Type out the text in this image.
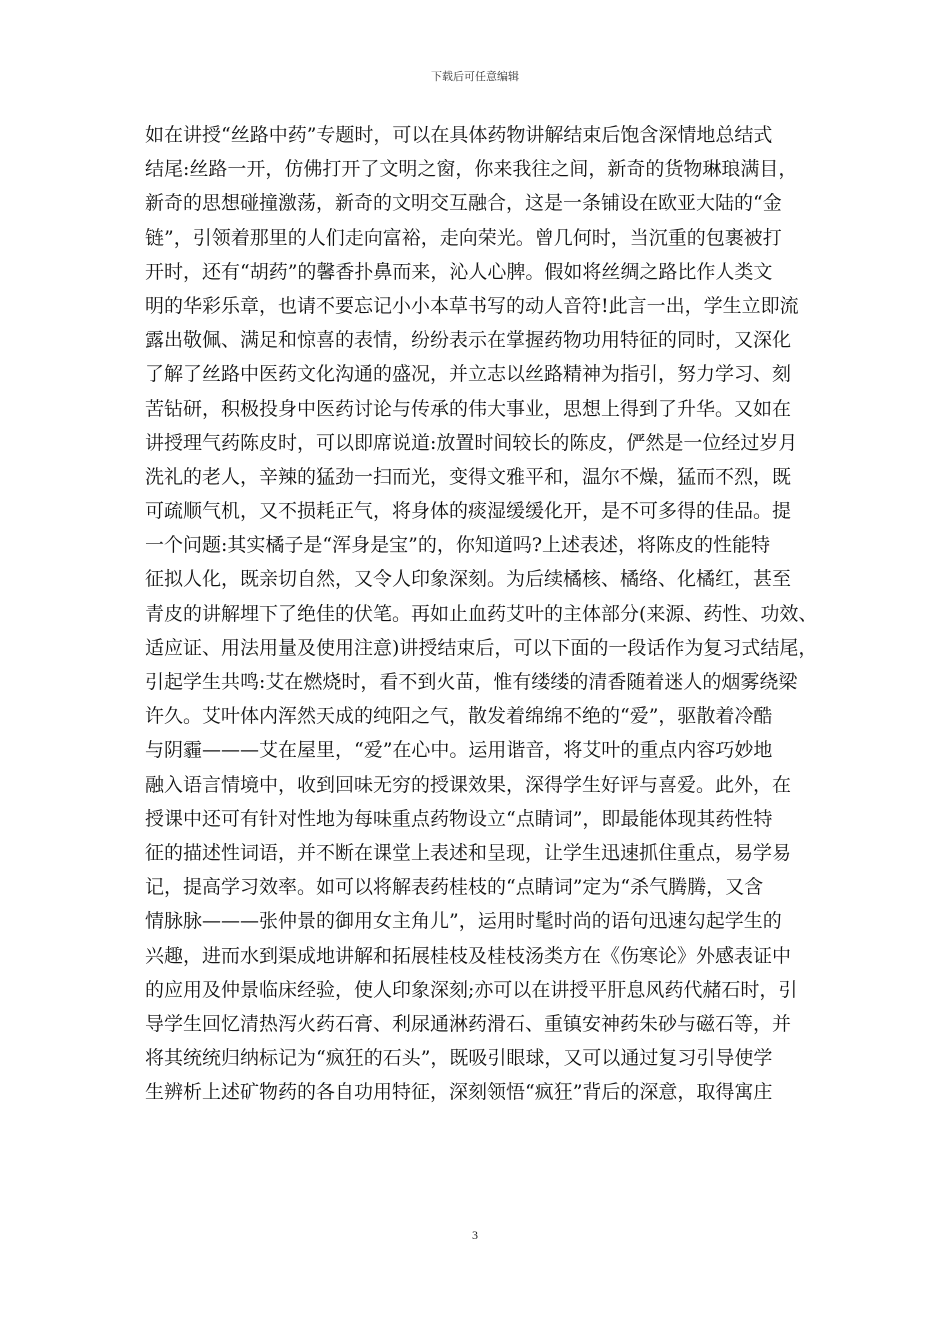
下载后可任意编辑
如在讲授“丝路中药”专题时，可以在具体药物讲解结束后饱含深情地总结式
结尾:丝路一开，仿佛打开了文明之窗，你来我往之间，新奇的货物琳琅满目，
新奇的思想碰撞激荡，新奇的文明交互融合，这是一条铺设在欧亚大陆的“金
链”，引领着那里的人们走向富裕，走向荣光。曾几何时，当沉重的包裹被打
开时，还有“胡药”的馨香扑鼻而来，沁人心脾。假如将丝绸之路比作人类文
明的华彩乐章，也请不要忘记小小本草书写的动人音符!此言一出，学生立即流
露出敬佩、满足和惊喜的表情，纷纷表示在掌握药物功用特征的同时，又深化
了解了丝路中医药文化沟通的盛况，并立志以丝路精神为指引，努力学习、刻
苦钻研，积极投身中医药讨论与传承的伟大事业，思想上得到了升华。又如在
讲授理气药陈皮时，可以即席说道:放置时间较长的陈皮，俨然是一位经过岁月
洗礼的老人，辛辣的猛劲一扫而光，变得文雅平和，温尔不燥，猛而不烈，既
可疏顺气机，又不损耗正气，将身体的痰湿缓缓化开，是不可多得的佳品。提
一个问题:其实橘子是“浑身是宝”的，你知道吗?上述表述，将陈皮的性能特
征拟人化，既亲切自然，又令人印象深刻。为后续橘核、橘络、化橘红，甚至
青皮的讲解埋下了绝佳的伏笔。再如止血药艾叶的主体部分(来源、药性、功效、
适应证、用法用量及使用注意)讲授结束后，可以下面的一段话作为复习式结尾，
引起学生共鸣:艾在燃烧时，看不到火苗，惟有缕缕的清香随着迷人的烟雾绕梁
许久。艾叶体内浑然天成的纯阳之气，散发着绵绵不绝的“爱”，驱散着冷酷
与阴霾———艾在屋里，“爱”在心中。运用谐音，将艾叶的重点内容巧妙地
融入语言情境中，收到回味无穷的授课效果，深得学生好评与喜爱。此外，在
授课中还可有针对性地为每味重点药物设立“点睛词”，即最能体现其药性特
征的描述性词语，并不断在课堂上表述和呈现，让学生迅速抓住重点，易学易
记，提高学习效率。如可以将解表药桂枝的“点睛词”定为“杀气腾腾，又含
情脉脉———张仲景的御用女主角儿”，运用时髦时尚的语句迅速勾起学生的
兴趣，进而水到渠成地讲解和拓展桂枝及桂枝汤类方在《伤寒论》外感表证中
的应用及仲景临床经验，使人印象深刻;亦可以在讲授平肝息风药代赭石时，引
导学生回忆清热泻火药石膏、利尿通淋药滑石、重镇安神药朱砂与磁石等，并
将其统统归纳标记为“疯狂的石头”，既吸引眼球，又可以通过复习引导使学
生辨析上述矿物药的各自功用特征，深刻领悟“疯狂”背后的深意，取得寓庄
3
